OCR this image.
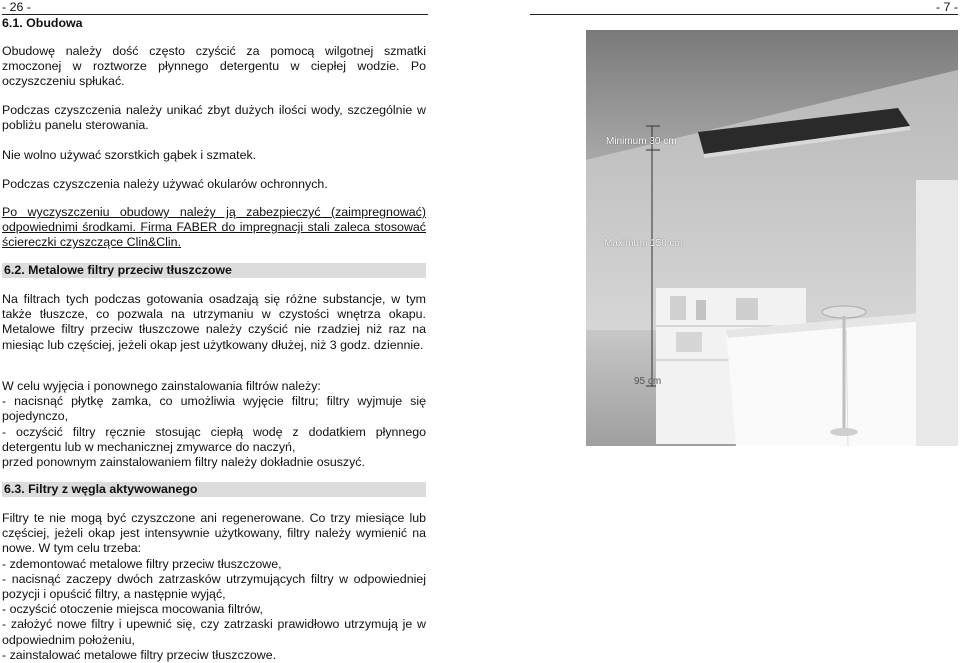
- 26 -
6.1. Obudowa

Obudowę należy dość często czyścić za pomocą wilgotnej szmatki zmoczonej w roztworze płynnego detergentu w ciepłej wodzie. Po oczyszczeniu spłukać.

Podczas czyszczenia należy unikać zbyt dużych ilości wody, szczególnie w pobliżu panelu sterowania.

Nie wolno używać szorstkich gąbek i szmatek.

Podczas czyszczenia należy używać okularów ochronnych.

Po wyczyszczeniu obudowy należy ją zabezpieczyć (zaimpregnować) odpowiednimi środkami. Firma FABER do impregnacji stali zaleca stosować ściereczki czyszczące Clin&Clin.

6.2. Metalowe filtry przeciw tłuszczowe

Na filtrach tych podczas gotowania osadzają się różne substancje, w tym także tłuszcze, co pozwala na utrzymaniu w czystości wnętrza okapu. Metalowe filtry przeciw tłuszczowe należy czyścić nie rzadziej niż raz na miesiąc lub częściej, jeżeli okap jest użytkowany dłużej, niż 3 godz. dziennie.

W celu wyjęcia i ponownego zainstalowania filtrów należy:

- nacisnąć płytkę zamka, co umożliwia wyjęcie filtru; filtry wyjmuje się pojedynczo,

- oczyścić filtry ręcznie stosując ciepłą wodę z dodatkiem płynnego detergentu lub w mechanicznej zmywarce do naczyń,

przed ponownym zainstalowaniem filtry należy dokładnie osuszyć.

6.3. Filtry z węgla aktywowanego

Filtry te nie mogą być czyszczone ani regenerowane. Co trzy miesiące lub częściej, jeżeli okap jest intensywnie użytkowany, filtry należy wymienić na nowe. W tym celu trzeba:

- zdemontować metalowe filtry przeciw tłuszczowe,

- nacisnąć zaczepy dwóch zatrzasków utrzymujących filtry w odpowiedniej pozycji i opuścić filtry, a następnie wyjąć,

- oczyścić otoczenie miejsca mocowania filtrów,

- założyć nowe filtry i upewnić się, czy zatrzaski prawidłowo utrzymują je w odpowiednim położeniu,

- zainstalować metalowe filtry przeciw tłuszczowe.

- 7 -
Minimum 30 cm
Maximum 150 cm
95 cm
